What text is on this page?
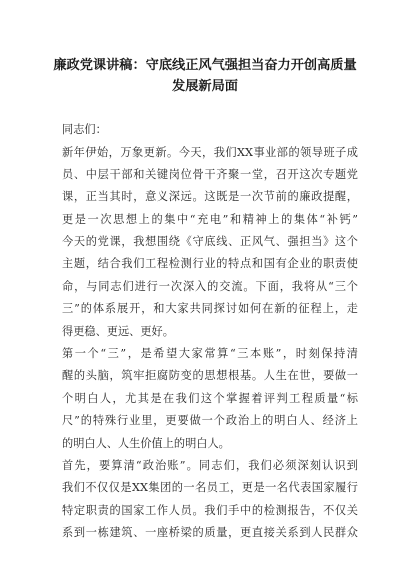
廉政党课讲稿：守底线正风气强担当奋力开创高质量
发展新局面
同志们：
新年伊始，万象更新。今天，我们XX事业部的领导班子成
员、中层干部和关键岗位骨干齐聚一堂，召开这次专题党
课，正当其时，意义深远。这既是一次节前的廉政提醒，
更是一次思想上的集中“充电”和精神上的集体“补钙”
今天的党课，我想围绕《守底线、正风气、强担当》这个
主题，结合我们工程检测行业的特点和国有企业的职责使
命，与同志们进行一次深入的交流。下面，我将从“三个
三”的体系展开，和大家共同探讨如何在新的征程上，走
得更稳、更远、更好。
第一个“三”，是希望大家常算“三本账”，时刻保持清
醒的头脑，筑牢拒腐防变的思想根基。人生在世，要做一
个明白人，尤其是在我们这个掌握着评判工程质量“标
尺”的特殊行业里，更要做一个政治上的明白人、经济上
的明白人、人生价值上的明白人。
首先，要算清“政治账”。同志们，我们必须深刻认识到
我们不仅仅是XX集团的一名员工，更是一名代表国家履行
特定职责的国家工作人员。我们手中的检测报告，不仅关
系到一栋建筑、一座桥梁的质量，更直接关系到人民群众
